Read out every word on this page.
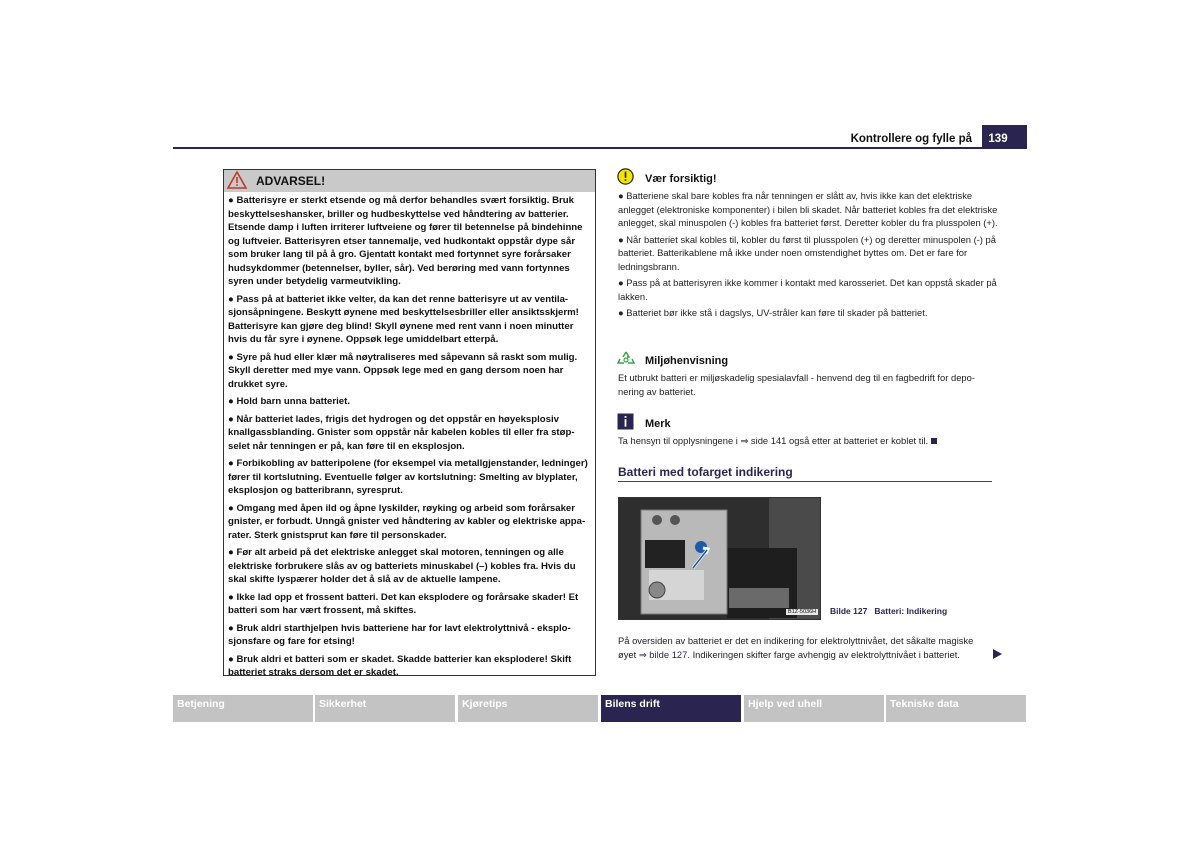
Kontrollere og fylle på	139
ADVARSEL!

● Batterisyre er sterkt etsende og må derfor behandles svært forsiktig. Bruk beskyttelseshansker, briller og hudbeskyttelse ved håndtering av batterier. Etsende damp i luften irriterer luftveiene og fører til betennelse på bindehinne og luftveier. Batterisyren etser tannemalje, ved hudkontakt oppstår dype sår som bruker lang til på å gro. Gjentatt kontakt med fortynnet syre forårsaker hudsykdommer (betennelser, byller, sår). Ved berøring med vann fortynnes syren under betydelig varmeutvikling.

● Pass på at batteriet ikke velter, da kan det renne batterisyre ut av ventila-sjonsåpningene. Beskytt øynene med beskyttelsesbriller eller ansiktsskjerm! Batterisyre kan gjøre deg blind! Skyll øynene med rent vann i noen minutter hvis du får syre i øynene. Oppsøk lege umiddelbart etterpå.

● Syre på hud eller klær må nøytraliseres med såpevann så raskt som mulig. Skyll deretter med mye vann. Oppsøk lege med en gang dersom noen har drukket syre.

● Hold barn unna batteriet.

● Når batteriet lades, frigis det hydrogen og det oppstår en høyeksplosiv knallgassblanding. Gnister som oppstår når kabelen kobles til eller fra støp-selet når tenningen er på, kan føre til en eksplosjon.

● Forbikobling av batteripolene (for eksempel via metallgjenstander, ledninger) fører til kortslutning. Eventuelle følger av kortslutning: Smelting av blyplater, eksplosjon og batteribrann, syresprut.

● Omgang med åpen ild og åpne lyskilder, røyking og arbeid som forårsaker gnister, er forbudt. Unngå gnister ved håndtering av kabler og elektriske appa-rater. Sterk gnistsprut kan føre til personskader.

● Før alt arbeid på det elektriske anlegget skal motoren, tenningen og alle elektriske forbrukere slås av og batteriets minuskabel (–) kobles fra. Hvis du skal skifte lyspærer holder det å slå av de aktuelle lampene.

● Ikke lad opp et frossent batteri. Det kan eksplodere og forårsake skader! Et batteri som har vært frossent, må skiftes.

● Bruk aldri starthjelpen hvis batteriene har for lavt elektrolyttnivå - eksplo-sjonsfare og fare for etsing!

● Bruk aldri et batteri som er skadet. Skadde batterier kan eksplodere! Skift batteriet straks dersom det er skadet.

Vær forsiktig!

● Batteriene skal bare kobles fra når tenningen er slått av, hvis ikke kan det elektriske anlegget (elektroniske komponenter) i bilen bli skadet. Når batteriet kobles fra det elektriske anlegget, skal minuspolen (-) kobles fra batteriet først. Deretter kobler du fra plusspolen (+).

● Når batteriet skal kobles til, kobler du først til plusspolen (+) og deretter minuspolen (-) på batteriet. Batterikablene må ikke under noen omstendighet byttes om. Det er fare for ledningsbrann.

● Pass på at batterisyren ikke kommer i kontakt med karosseriet. Det kan oppstå skader på lakken.

● Batteriet bør ikke stå i dagslys, UV-stråler kan føre til skader på batteriet.

Miljøhenvisning
Et utbrukt batteri er miljøskadelig spesialavfall - henvend deg til en fagbedrift for depo-nering av batteriet.
Merk
Ta hensyn til opplysningene i ⇒ side 141 også etter at batteriet er koblet til.
Batteri med tofarget indikering
B1Z-5036H Bilde 127 Batteri: Indikering
På oversiden av batteriet er det en indikering for elektrolyttnivået, det såkalte magiske øyet ⇒ bilde 127. Indikeringen skifter farge avhengig av elektrolyttnivået i batteriet.
Betjening	Sikkerhet	Kjøretips	Bilens drift	Hjelp ved uhell	Tekniske data
